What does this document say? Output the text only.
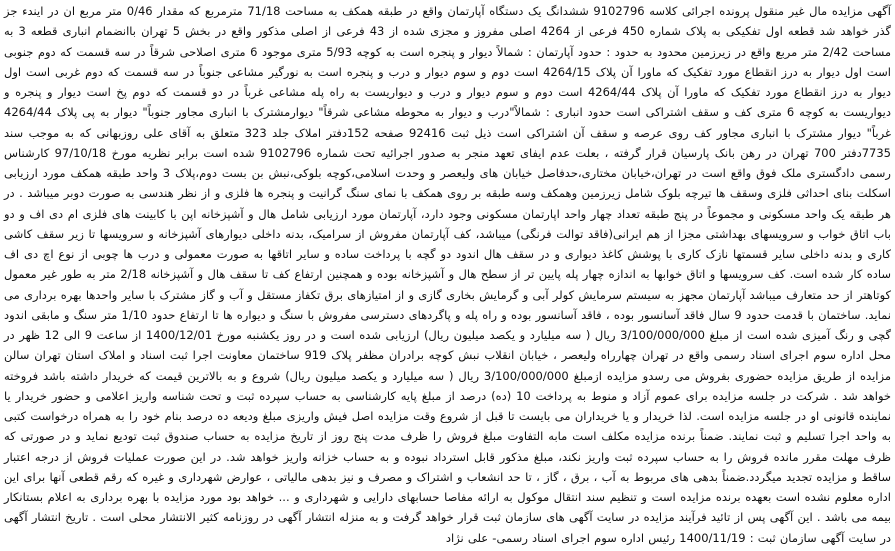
آگهی مزایده مال غیر منقول پرونده اجرائی کلاسه 9102796 ششدانگ یک دستگاه آپارتمان واقع در طبقه همکف به مساحت 71/18 مترمربع که مقدار 0/46 متر مربع ان در ایندء جز گذر خواهد شد قطعه اول تفکیکی به پلاک شماره 450 فرعی از 4264 اصلی مفروز و مجزی شده از 43 فرعی از اصلی مذکور واقع در بخش 5 تهران باانضمام انباری قطعه 3 به مساحت 2/42 متر مربع واقع در زیرزمین محدود به حدود : حدود آپارتمان : شمالاً دیوار و پنجره است به کوچه 5/93 متری موجود 6 متری اصلاحی شرقاً در سه قسمت که دوم جنوبی است اول دیوار به درز انقطاع مورد تفکیک که ماورا آن پلاک 4264/15 است دوم و سوم دیوار و درب و پنجره است به نورگیر مشاعی جنوباً در سه قسمت که دوم غربی است اول دیوار به درز انقطاع مورد تفکیک که ماورا آن پلاک 4264/44 است دوم و سوم دیوار و درب و دیواریست به راه پله مشاعی غرباً در دو قسمت که دوم پخ است دیوار و پنجره و دیواریست به کوچه 6 متری کف و سقف اشتراکی است حدود انباری : شمالاً"درب و دیوار به محوطه مشاعی شرقاً" دیوارمشترک با انباری مجاور جنوباً" دیوار به پی پلاک 4264/44 غرباً" دیوار مشترک با انباری مجاور کف روی عرصه و سقف آن اشتراکی است ذیل ثبت 92416 صفحه 152دفتر املاک جلد 323 متعلق به آقای علی روزبهانی که به موجب سند 7735دفتر 700 تهران در رهن بانک پارسیان قرار گرفته ، بعلت عدم ایفای تعهد منجر به صدور اجرائیه تحت شماره 9102796 شده است برابر نظریه مورخ 97/10/18 کارشناس رسمی دادگستری ملک فوق واقع است در تهران،خیابان مختاری،حدفاصل خیابان های ولیعصر و وحدت اسلامی،کوچه بلوکی،نبش بن بست دوم،پلاک 3 واحد طبقه همکف مورد ارزیابی اسکلت بنای احداثی فلزی وسقف ها تیرچه بلوک شامل زیرزمین وهمکف وسه طبقه بر روی همکف با نمای سنگ گرانیت و پنجره ها فلزی و از نظر هندسی به صورت دوبر میباشد . در هر طبقه یک واحد مسکونی و مجموعاً در پنج طبقه تعداد چهار واحد اپارتمان مسکونی وجود دارد، آپارتمان مورد ارزیابی شامل هال و آشپزخانه اپن با کابینت های فلزی ام دی اف و دو باب اتاق خواب و سرویسهای بهداشتی مجزا از هم ایرانی(فاقد توالت فرنگی) میباشد، کف آپارتمان مفروش از سرامیک، بدنه داخلی دیوارهای آشپزخانه و سرویسها تا زیر سقف کاشی کاری و بدنه داخلی سایر قسمتها نازک کاری با پوشش کاغذ دیواری و در سقف هال اندود دو گچه با پرداخت ساده و سایر اتاقها به صورت معمولی و درب ها چوبی از نوع اچ دی اف ساده کار شده است. کف سرویسها و اتاق خوابها به اندازه چهار پله پایین تر از سطح هال و آشپزخانه بوده و همچنین ارتفاع کف تا سقف هال و آشپزخانه 2/18 متر به طور غیر معمول کوتاهتر از حد متعارف میباشد آپارتمان مجهز به سیستم سرمایش کولر آبی و گرمایش بخاری گازی و از امتیازهای برق تکفاز مستقل و آب و گاز مشترک با سایر واحدها بهره برداری می نماید. ساختمان با قدمت حدود 9 سال فاقد آسانسور بوده ، فاقد آسانسور بوده و راه پله و پاگردهای دسترسی مفروش با سنگ و دیواره ها تا ارتفاع حدود 1/10 متر سنگ و مابقی اندود گچی و رنگ آمیزی شده است از مبلغ 3/100/000/000 ریال ( سه میلیارد و یکصد میلیون ریال) ارزیابی شده است و در روز یکشنبه مورخ 1400/12/01 از ساعت 9 الی 12 ظهر در محل اداره سوم اجرای اسناد رسمی واقع در تهران چهارراه ولیعصر ، خیابان انقلاب نبش کوچه برادران مظفر پلاک 919 ساختمان معاونت اجرا ثبت اسناد و املاک استان تهران سالن مزایده از طریق مزایده حضوری بفروش می رسدو مزایده ازمبلغ 3/100/000/000 ریال ( سه میلیارد و یکصد میلیون ریال) شروع و به بالاترین قیمت که خریدار داشته باشد فروخته خواهد شد . شرکت در جلسه مزایده برای عموم آزاد و منوط به پرداخت 10 (ده) درصد از مبلغ پایه کارشناسی به حساب سپرده ثبت و تحت شناسه واریز اعلامی و حضور خریدار یا نماینده قانونی او در جلسه مزایده است. لذا خریدار و یا خریداران می بایست تا قبل از شروع وقت مزایده اصل فیش واریزی مبلغ ودیعه ده درصد بنام خود را به همراه درخواست کتبی به واحد اجرا تسلیم و ثبت نمایند. ضمناً برنده مزایده مکلف است مابه التفاوت مبلغ فروش را ظرف مدت پنج روز از تاریخ مزایده به حساب صندوق ثبت تودیع نماید و در صورتی که ظرف مهلت مقرر مانده فروش را به حساب سپرده ثبت واریز نکند، مبلغ مذکور قابل استرداد نبوده و به حساب خزانه واریز خواهد شد. در این صورت عملیات فروش از درجه اعتبار ساقط و مزایده تجدید میگردد.ضمناً بدهی های مربوط به آب ، برق ، گاز ، تا حد انشعاب و اشتراک و مصرف و نیز بدهی مالیاتی ، عوارض شهرداری و غیره که رقم قطعی آنها برای این اداره معلوم نشده است بعهده برنده مزایده است و تنظیم سند انتقال موکول به ارائه مفاصا حسابهای دارایی و شهرداری و ... خواهد بود مورد مزایده با بهره برداری به اعلام بستانکار بیمه می باشد . این آگهی پس از تائید فرآیند مزایده در سایت آگهی های سازمان ثبت قرار خواهد گرفت و به منزله انتشار آگهی در روزنامه کثیر الانتشار محلی است . تاریخ انتشار آگهی در سایت آگهی سازمان ثبت : 1400/11/19 رئیس اداره سوم اجرای اسناد رسمی- علی نژاد
